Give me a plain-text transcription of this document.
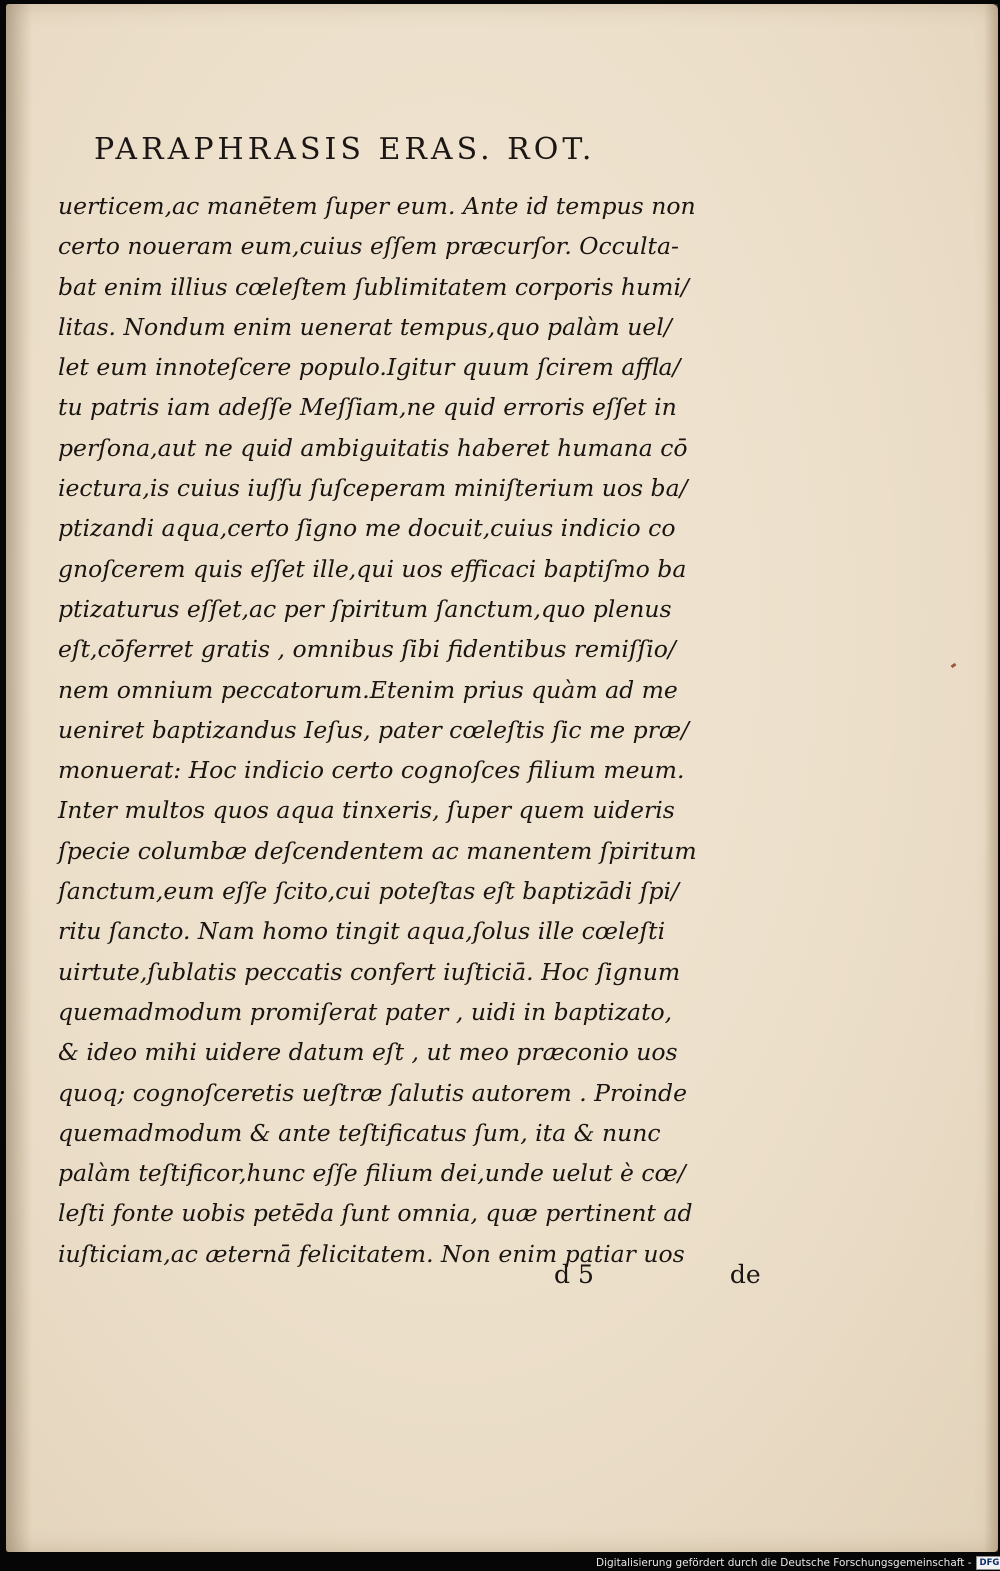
PARAPHRASIS ERAS. ROT.
uerticem,ac manētem ſuper eum. Ante id tempus non
certo noueram eum,cuius eſſem præcurſor. Occulta-
bat enim illius cœleſtem ſublimitatem corporis humi/
litas. Nondum enim uenerat tempus,quo palàm uel/
let eum innoteſcere populo.Igitur quum ſcirem affla/
tu patris iam adeſſe Meſſiam,ne quid erroris eſſet in
perſona,aut ne quid ambiguitatis haberet humana cō
iectura,is cuius iuſſu ſuſceperam miniſterium uos ba/
ptizandi aqua,certo ſigno me docuit,cuius indicio co
gnoſcerem quis eſſet ille,qui uos efficaci baptiſmo ba
ptizaturus eſſet,ac per ſpiritum ſanctum,quo plenus
eſt,cōferret gratis , omnibus ſibi fidentibus remiſſio/
nem omnium peccatorum.Etenim prius quàm ad me
ueniret baptizandus Ieſus, pater cœleſtis ſic me præ/
monuerat: Hoc indicio certo cognoſces filium meum.
Inter multos quos aqua tinxeris, ſuper quem uideris
ſpecie columbæ deſcendentem ac manentem ſpiritum
ſanctum,eum eſſe ſcito,cui poteſtas eſt baptizādi ſpi/
ritu ſancto. Nam homo tingit aqua,ſolus ille cœleſti
uirtute,ſublatis peccatis confert iuſticiā. Hoc ſignum
quemadmodum promiſerat pater , uidi in baptizato,
& ideo mihi uidere datum eſt , ut meo præconio uos
quoq; cognoſceretis ueſtræ ſalutis autorem . Proinde
quemadmodum & ante teſtificatus ſum, ita & nunc
palàm teſtificor,hunc eſſe filium dei,unde uelut è cœ/
leſti fonte uobis petēda ſunt omnia, quæ pertinent ad
iuſticiam,ac æternā felicitatem. Non enim patiar uos
d 5	de
Digitalisierung gefördert durch die Deutsche Forschungsgemeinschaft - DFG
